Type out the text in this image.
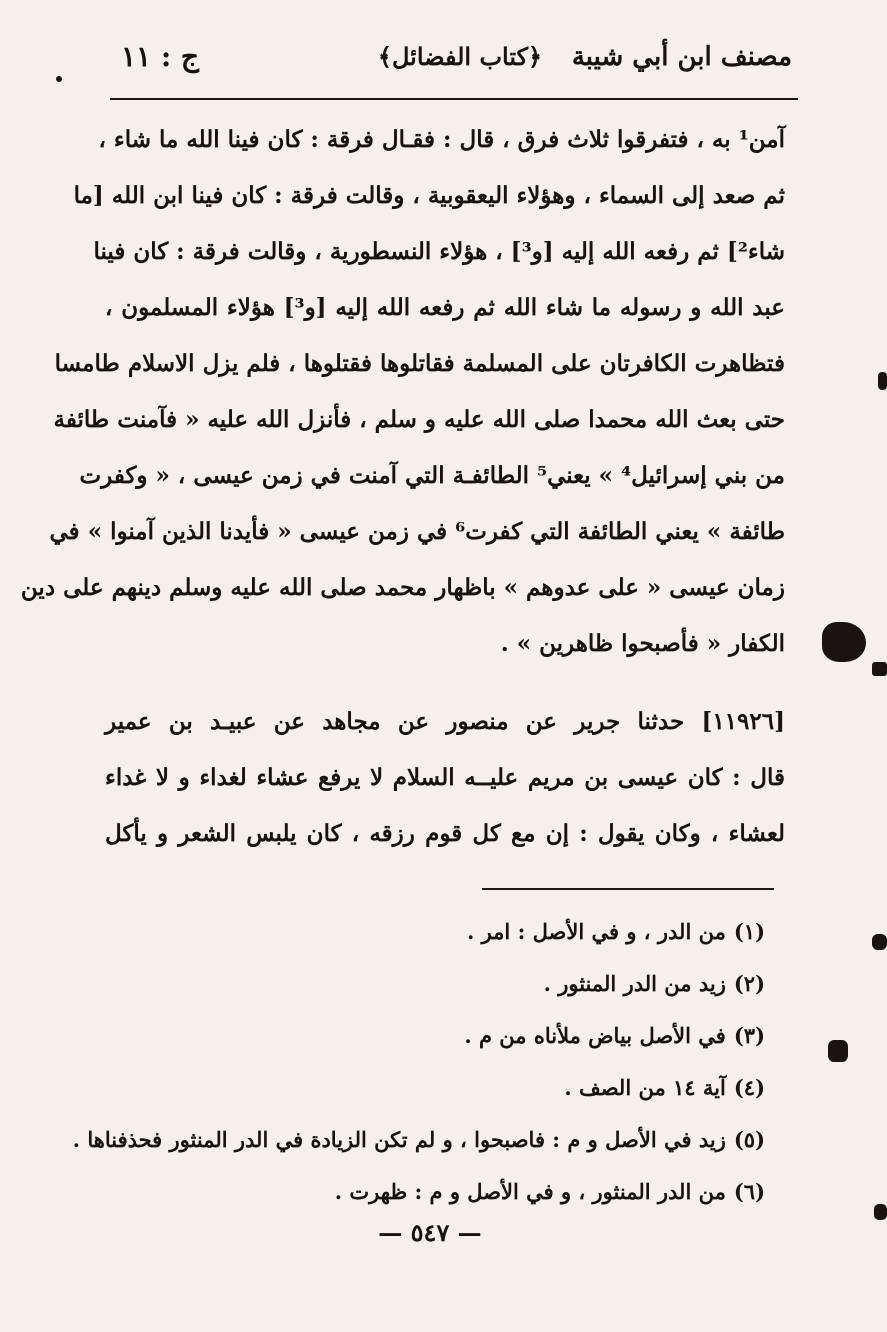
مصنف ابن أبي شيبة
﴿كتاب الفضائل﴾
ج : ١١
آمن¹ به ، فتفرقوا ثلاث فرق ، قال : فقـال فرقة : كان فينا الله ما شاء ،
ثم صعد إلى السماء ، وهؤلاء اليعقوبية ، وقالت فرقة : كان فينا ابن الله [ما
شاء²] ثم رفعه الله إليه [و³] ، هؤلاء النسطورية ، وقالت فرقة : كان فينا
عبد الله و رسوله ما شاء الله ثم رفعه الله إليه [و³] هؤلاء المسلمون ،
فتظاهرت الكافرتان على المسلمة فقاتلوها فقتلوها ، فلم يزل الاسلام طامسا
حتى بعث الله محمدا صلى الله عليه و سلم ، فأنزل الله عليه « فآمنت طائفة
من بني إسرائيل⁴ » يعني⁵ الطائفـة التي آمنت في زمن عيسى ، « وكفرت
طائفة » يعني الطائفة التي كفرت⁶ في زمن عيسى « فأيدنا الذين آمنوا » في
زمان عيسى « على عدوهم » باظهار محمد صلى الله عليه وسلم دينهم على دين
الكفار « فأصبحوا ظاهرين » .
[١١٩٢٦] حدثنا جرير عن منصور عن مجاهد عن عبيـد بن عمير
قال : كان عيسى بن مريم عليــه السلام لا يرفع عشاء لغداء و لا غداء
لعشاء ، وكان يقول : إن مع كل قوم رزقه ، كان يلبس الشعر و يأكل
(١)من الدر ، و في الأصل : امر .
(٢)زيد من الدر المنثور .
(٣)في الأصل بياض ملأناه من م .
(٤)آية ١٤ من الصف .
(٥)زيد في الأصل و م : فاصبحوا ، و لم تكن الزيادة في الدر المنثور فحذفناها .
(٦)من الدر المنثور ، و في الأصل و م : ظهرت .
— ٥٤٧ —
